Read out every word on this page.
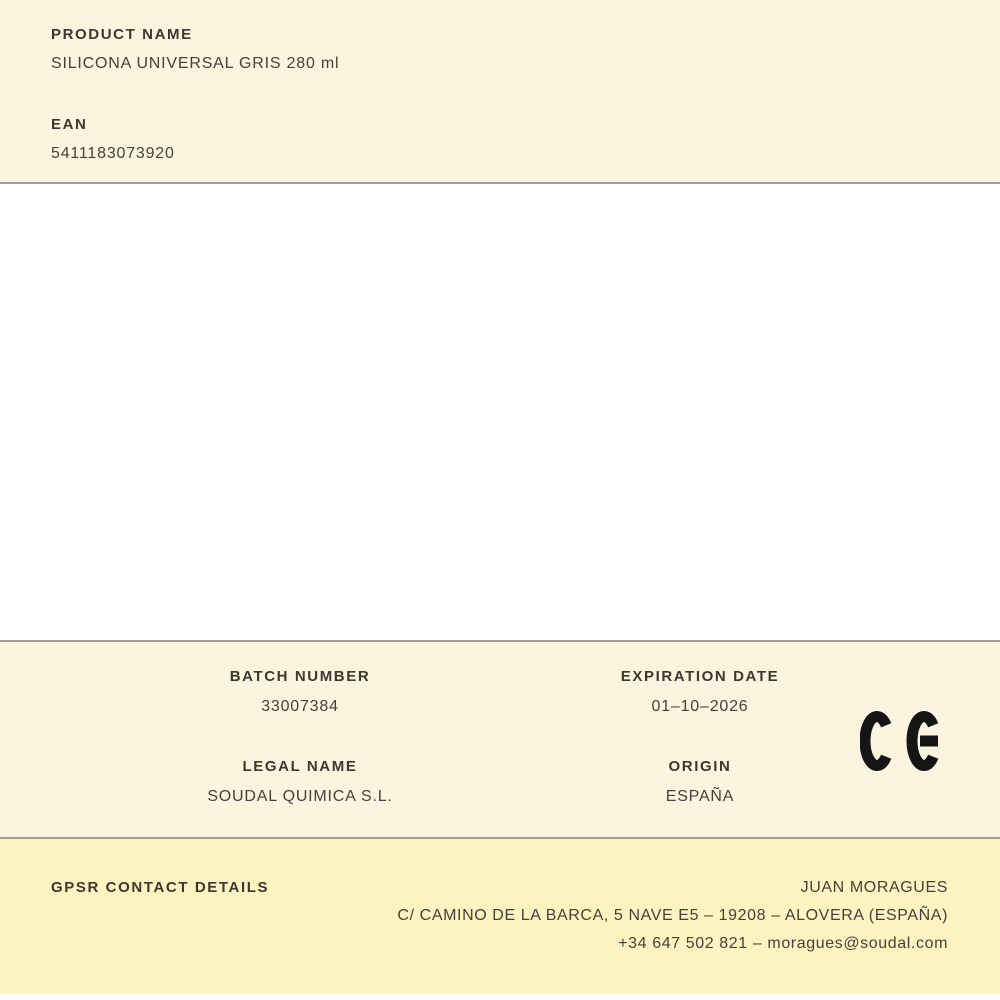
PRODUCT NAME
SILICONA UNIVERSAL GRIS 280 ml
EAN
5411183073920
BATCH NUMBER
33007384
LEGAL NAME
SOUDAL QUIMICA S.L.
EXPIRATION DATE
01–10–2026
ORIGIN
ESPAÑA
GPSR CONTACT DETAILS	JUAN MORAGUES
C/ CAMINO DE LA BARCA, 5 NAVE E5 – 19208 – ALOVERA (ESPAÑA)
+34 647 502 821 – moragues@soudal.com
